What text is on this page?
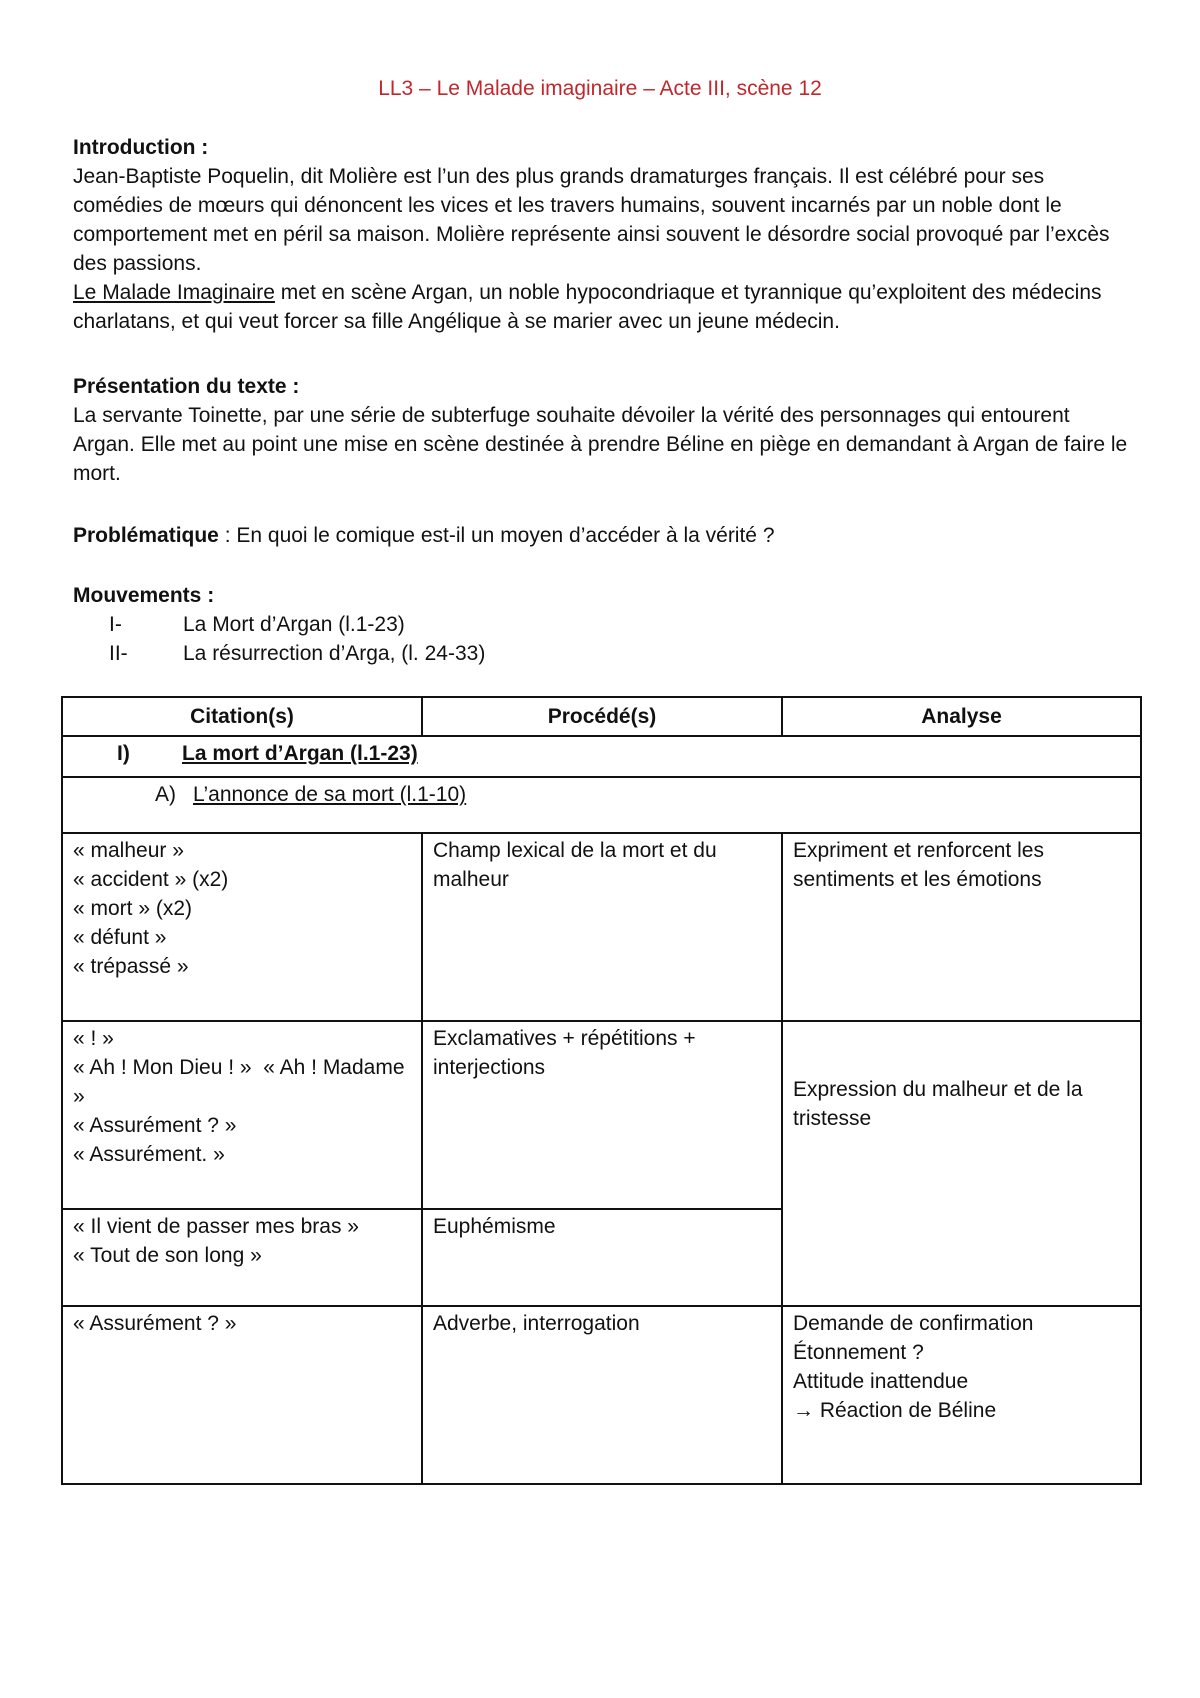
LL3 – Le Malade imaginaire – Acte III, scène 12
Introduction :
Jean-Baptiste Poquelin, dit Molière est l’un des plus grands dramaturges français. Il est célébré pour ses comédies de mœurs qui dénoncent les vices et les travers humains, souvent incarnés par un noble dont le comportement met en péril sa maison. Molière représente ainsi souvent le désordre social provoqué par l’excès des passions.
Le Malade Imaginaire met en scène Argan, un noble hypocondriaque et tyrannique qu’exploitent des médecins charlatans, et qui veut forcer sa fille Angélique à se marier avec un jeune médecin.
Présentation du texte :
La servante Toinette, par une série de subterfuge souhaite dévoiler la vérité des personnages qui entourent Argan. Elle met au point une mise en scène destinée à prendre Béline en piège en demandant à Argan de faire le mort.
Problématique : En quoi le comique est-il un moyen d’accéder à la vérité ?
Mouvements :
I-	La Mort d’Argan (l.1-23)
II-	La résurrection d’Arga, (l. 24-33)
Citation(s)	Procédé(s)	Analyse
I) La mort d’Argan (l.1-23)		
A) L’annonce de sa mort (l.1-10)		

« malheur »
« accident » (x2)
« mort » (x2)
« défunt »
« trépassé »	Champ lexical de la mort et du malheur	Expriment et renforcent les sentiments et les émotions

« ! »
« Ah ! Mon Dieu ! »  « Ah ! Madame »
« Assurément ? »
« Assurément. »	Exclamatives + répétitions + interjections	Expression du malheur et de la tristesse

« Il vient de passer mes bras »
« Tout de son long »	Euphémisme	

« Assurément ? »	Adverbe, interrogation	Demande de confirmation
Étonnement ?
Attitude inattendue
→ Réaction de Béline
